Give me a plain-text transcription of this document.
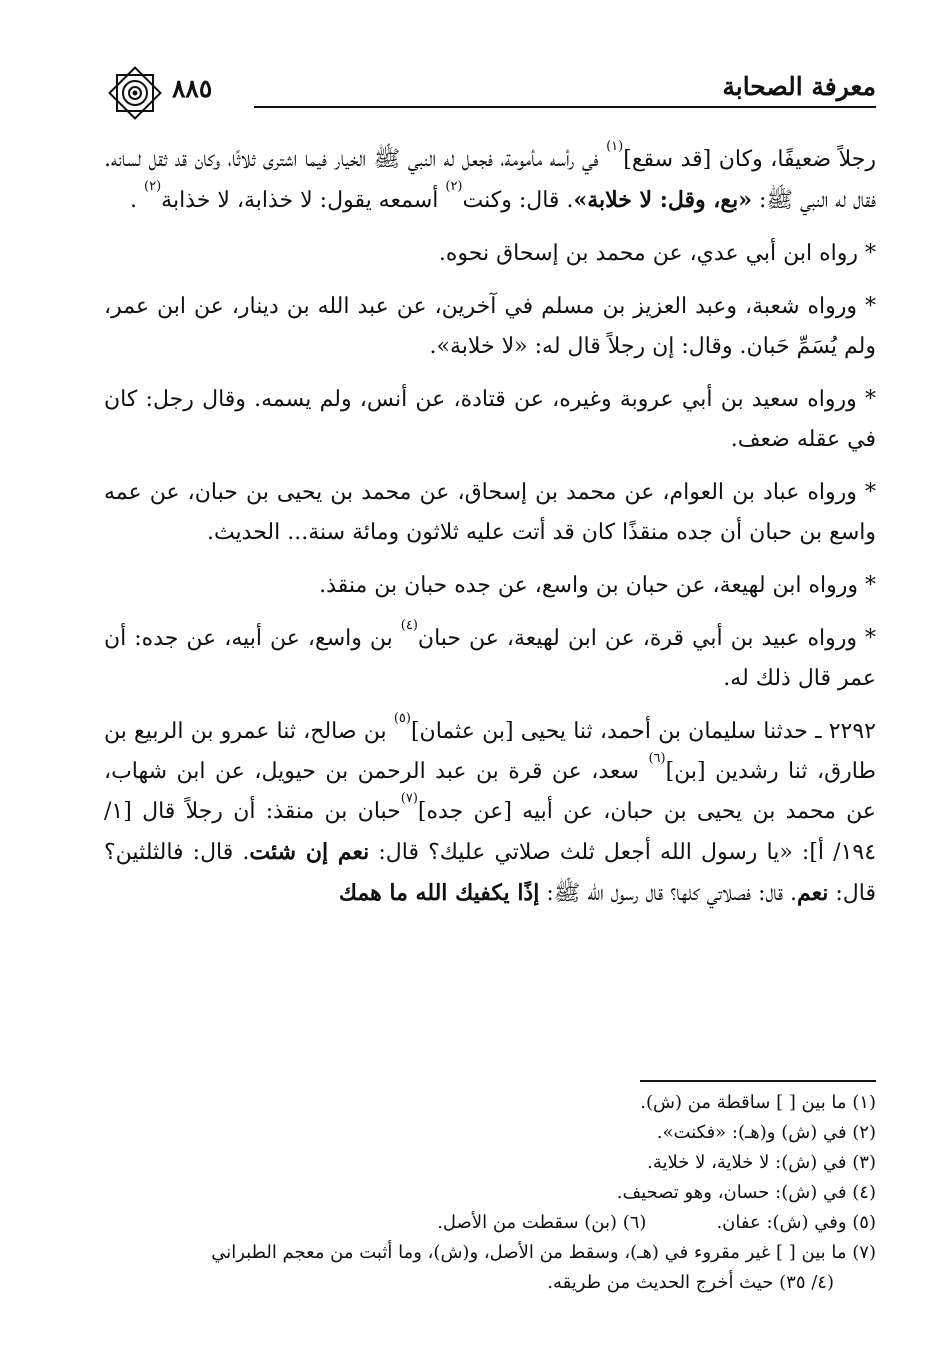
٨٨٥	معرفة الصحابة

رجلاً ضعيفًا، وكان [قد سقع]$^{(١)}$ في رأسه مأمومة، فجعل له النبي ﷺ الخيار فيما اشترى ثلاثًا، وكان قد ثقل لسانه. فقال له النبي ﷺ: «بع، وقل: لا خلابة». قال: وكنت$^{(٢)}$ أسمعه يقول: لا خذابة، لا خذابة$^{(٢)}$ .

* رواه ابن أبي عدي، عن محمد بن إسحاق نحوه.

* ورواه شعبة، وعبد العزيز بن مسلم في آخرين، عن عبد الله بن دينار، عن ابن عمر، ولم يُسَمِّ حَبان. وقال: إن رجلاً قال له: «لا خلابة».

* ورواه سعيد بن أبي عروبة وغيره، عن قتادة، عن أنس، ولم يسمه. وقال رجل: كان في عقله ضعف.

* ورواه عباد بن العوام، عن محمد بن إسحاق، عن محمد بن يحيى بن حبان، عن عمه واسع بن حبان أن جده منقذًا كان قد أتت عليه ثلاثون ومائة سنة... الحديث.

* ورواه ابن لهيعة، عن حبان بن واسع، عن جده حبان بن منقذ.

* ورواه عبيد بن أبي قرة، عن ابن لهيعة، عن حبان$^{(٤)}$ بن واسع، عن أبيه، عن جده: أن عمر قال ذلك له.

٢٢٩٢ ـ حدثنا سليمان بن أحمد، ثنا يحيى [بن عثمان]$^{(٥)}$ بن صالح، ثنا عمرو بن الربيع بن طارق، ثنا رشدين [بن]$^{(٦)}$ سعد، عن قرة بن عبد الرحمن بن حيويل، عن ابن شهاب، عن محمد بن يحيى بن حبان، عن أبيه [عن جده]$^{(٧)}$حبان بن منقذ: أن رجلاً قال [١/ ١٩٤/ أ]: «يا رسول الله أجعل ثلث صلاتي عليك؟ قال: نعم إن شئت. قال: فالثلثين؟ قال: نعم. قال: فصلاتي كلها؟ قال رسول الله ﷺ: إذًا يكفيك الله ما همك

(١) ما بين [ ] ساقطة من (ش).

(٢) في (ش) و(هـ): «فكنت».

(٣) في (ش): لا خلاية، لا خلاية.

(٤) في (ش): حسان، وهو تصحيف.

(٥) وفي (ش): عفان.

(٦) (بن) سقطت من الأصل.

(٧) ما بين [ ] غير مقروء في (هـ)، وسقط من الأصل، و(ش)، وما أثبت من معجم الطبراني

(٤/ ٣٥) حيث أخرج الحديث من طريقه.
